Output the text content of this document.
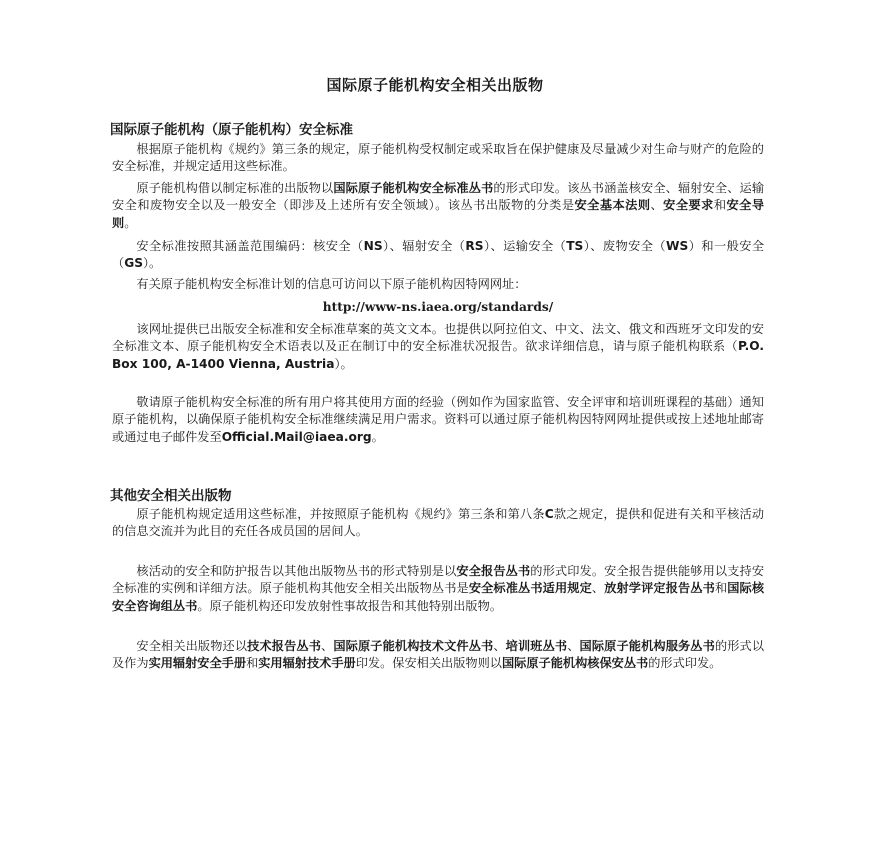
国际原子能机构安全相关出版物
国际原子能机构（原子能机构）安全标准

根据原子能机构《规约》第三条的规定，原子能机构受权制定或采取旨在保护健康及尽量减少对生命与财产的危险的安全标准，并规定适用这些标准。

原子能机构借以制定标准的出版物以国际原子能机构安全标准丛书的形式印发。该丛书涵盖核安全、辐射安全、运输安全和废物安全以及一般安全（即涉及上述所有安全领域）。该丛书出版物的分类是安全基本法则、安全要求和安全导则。

安全标准按照其涵盖范围编码：核安全（NS）、辐射安全（RS）、运输安全（TS）、废物安全（WS）和一般安全（GS）。

有关原子能机构安全标准计划的信息可访问以下原子能机构因特网网址：

http://www-ns.iaea.org/standards/

该网址提供已出版安全标准和安全标准草案的英文文本。也提供以阿拉伯文、中文、法文、俄文和西班牙文印发的安全标准文本、原子能机构安全术语表以及正在制订中的安全标准状况报告。欲求详细信息，请与原子能机构联系（P.O. Box 100, A-1400 Vienna, Austria）。

敬请原子能机构安全标准的所有用户将其使用方面的经验（例如作为国家监管、安全评审和培训班课程的基础）通知原子能机构，以确保原子能机构安全标准继续满足用户需求。资料可以通过原子能机构因特网网址提供或按上述地址邮寄或通过电子邮件发至Official.Mail@iaea.org。

其他安全相关出版物

原子能机构规定适用这些标准，并按照原子能机构《规约》第三条和第八条C款之规定，提供和促进有关和平核活动的信息交流并为此目的充任各成员国的居间人。

核活动的安全和防护报告以其他出版物丛书的形式特别是以安全报告丛书的形式印发。安全报告提供能够用以支持安全标准的实例和详细方法。原子能机构其他安全相关出版物丛书是安全标准丛书适用规定、放射学评定报告丛书和国际核安全咨询组丛书。原子能机构还印发放射性事故报告和其他特别出版物。

安全相关出版物还以技术报告丛书、国际原子能机构技术文件丛书、培训班丛书、国际原子能机构服务丛书的形式以及作为实用辐射安全手册和实用辐射技术手册印发。保安相关出版物则以国际原子能机构核保安丛书的形式印发。
